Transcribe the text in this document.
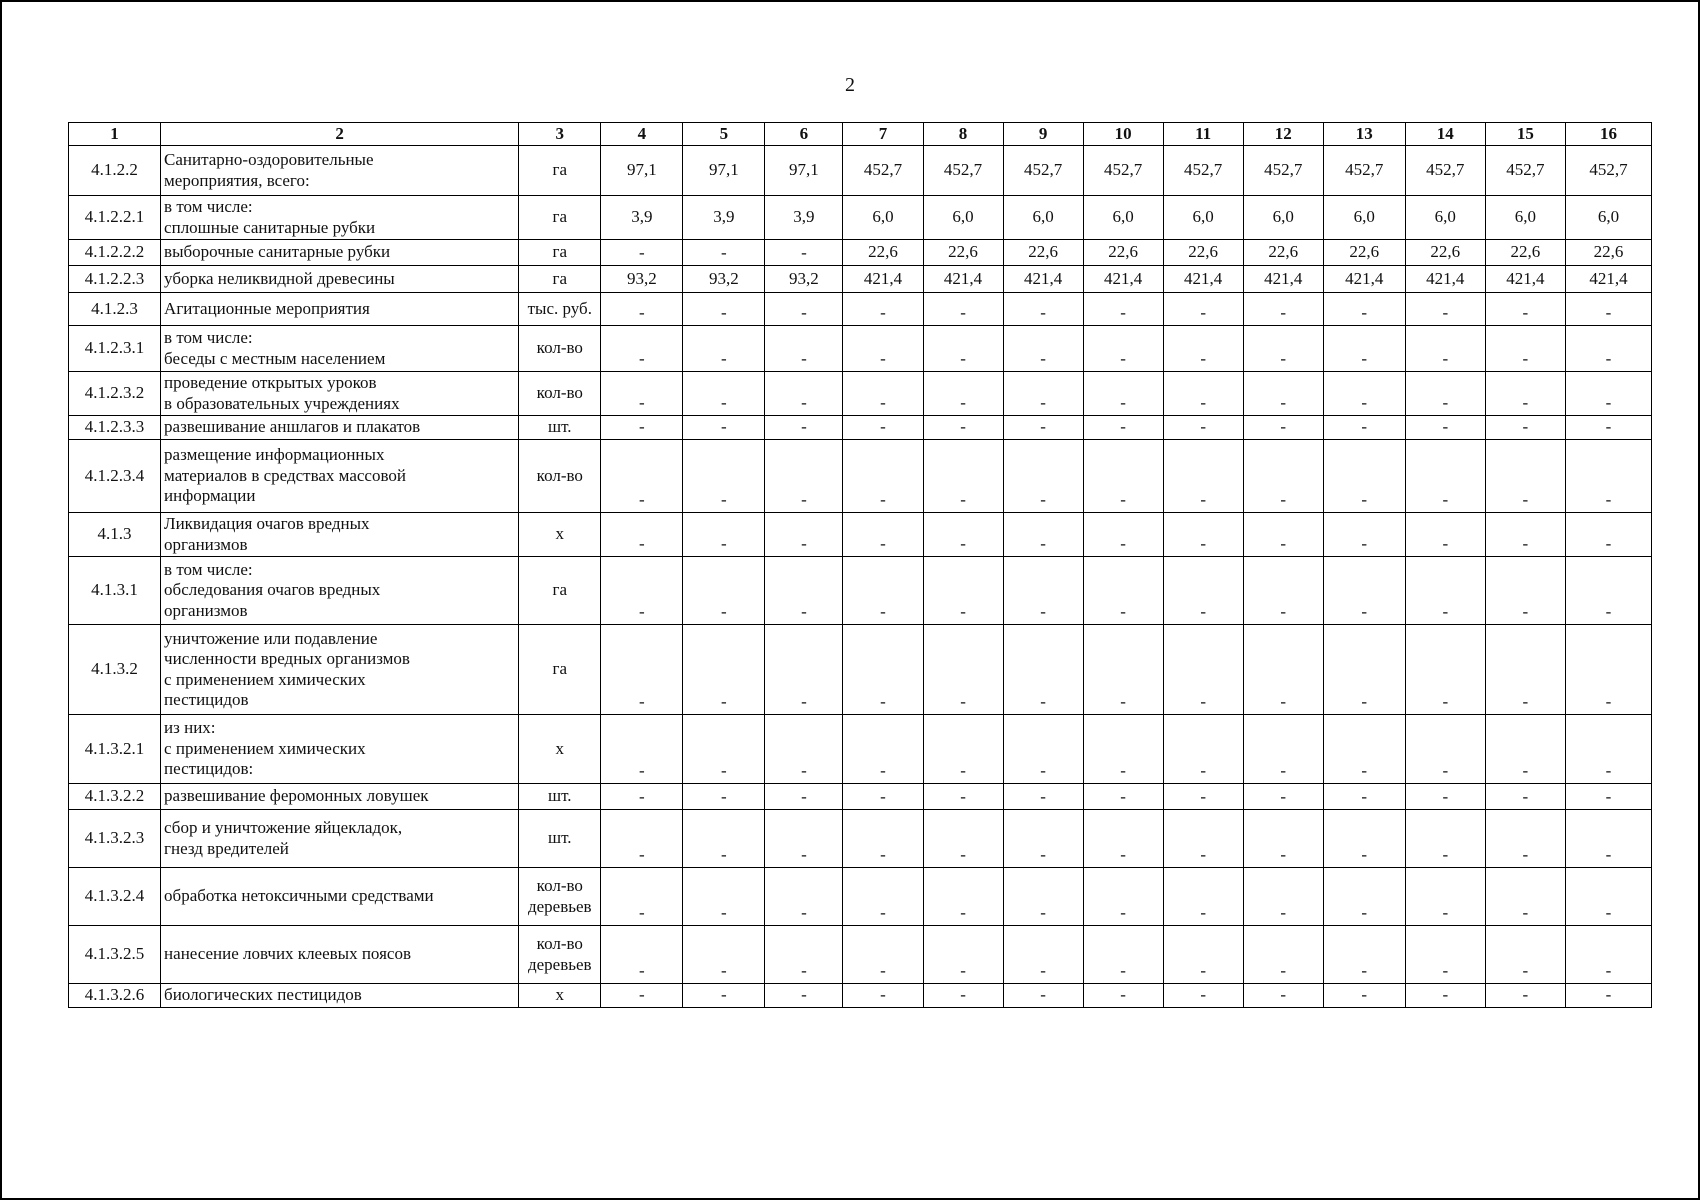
2
1	2	3	4	5	6	7	8	9	10	11	12	13	14	15	16
4.1.2.2	Санитарно-оздоровительные
мероприятия, всего:	га	97,1	97,1	97,1	452,7	452,7	452,7	452,7	452,7	452,7	452,7	452,7	452,7	452,7
4.1.2.2.1	в том числе:
сплошные санитарные рубки	га	3,9	3,9	3,9	6,0	6,0	6,0	6,0	6,0	6,0	6,0	6,0	6,0	6,0
4.1.2.2.2	выборочные санитарные рубки	га	-	-	-	22,6	22,6	22,6	22,6	22,6	22,6	22,6	22,6	22,6	22,6
4.1.2.2.3	уборка неликвидной древесины	га	93,2	93,2	93,2	421,4	421,4	421,4	421,4	421,4	421,4	421,4	421,4	421,4	421,4
4.1.2.3	Агитационные мероприятия	тыс. руб.	-	-	-	-	-	-	-	-	-	-	-	-	-
4.1.2.3.1	в том числе:
беседы с местным населением	кол-во	-	-	-	-	-	-	-	-	-	-	-	-	-
4.1.2.3.2	проведение открытых уроков
в образовательных учреждениях	кол-во	-	-	-	-	-	-	-	-	-	-	-	-	-
4.1.2.3.3	развешивание аншлагов и плакатов	шт.	-	-	-	-	-	-	-	-	-	-	-	-	-
4.1.2.3.4	размещение информационных
материалов в средствах массовой
информации	кол-во	-	-	-	-	-	-	-	-	-	-	-	-	-
4.1.3	Ликвидация очагов вредных
организмов	х	-	-	-	-	-	-	-	-	-	-	-	-	-
4.1.3.1	в том числе:
обследования очагов вредных
организмов	га	-	-	-	-	-	-	-	-	-	-	-	-	-
4.1.3.2	уничтожение или подавление
численности вредных организмов
с применением химических
пестицидов	га	-	-	-	-	-	-	-	-	-	-	-	-	-
4.1.3.2.1	из них:
с применением химических
пестицидов:	х	-	-	-	-	-	-	-	-	-	-	-	-	-
4.1.3.2.2	развешивание феромонных ловушек	шт.	-	-	-	-	-	-	-	-	-	-	-	-	-
4.1.3.2.3	сбор и уничтожение яйцекладок,
гнезд вредителей	шт.	-	-	-	-	-	-	-	-	-	-	-	-	-
4.1.3.2.4	обработка нетоксичными средствами	кол-во
деревьев	-	-	-	-	-	-	-	-	-	-	-	-	-
4.1.3.2.5	нанесение ловчих клеевых поясов	кол-во
деревьев	-	-	-	-	-	-	-	-	-	-	-	-	-
4.1.3.2.6	биологических пестицидов	х	-	-	-	-	-	-	-	-	-	-	-	-	-
